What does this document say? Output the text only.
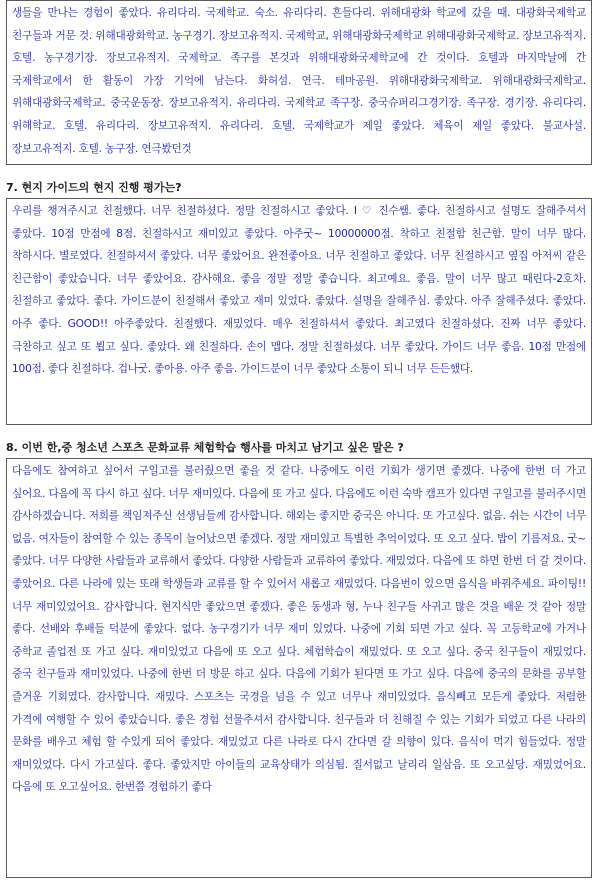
생들을 만나는 경험이 좋았다. 유리다리. 국제학교. 숙소. 유리다리. 흔들다리. 위해대광화 학교에 갔을 때. 대광화국제학교 친구들과 거문 것. 위해대광화학교. 농구경기. 장보고유적지. 국제학교, 위해대광화국제학교 위해대광화국제학교. 장보고유적지. 호텔. 농구경기장. 장보고유적지. 국제학교. 족구를 본것과 위해대광화국제학교에 간 것이다. 호텔과 마지막날에 간 국제학교에서 한 활동이 가장 기억에 남는다. 화허섬. 연극. 테마공원. 위해대광화국제학교. 위해대광화국제학교. 위해대광화국제학교. 중국운동장. 장보고유적지. 유리다리. 국제학교 족구장. 중국슈퍼리그경기장. 족구장. 경기장. 유리다리. 위해학교. 호텔. 유리다리. 장보고유적지. 유리다리. 호텔. 국제학교가 제일 좋았다. 체육이 제일 좋았다. 불교사설. 장보고유적지. 호텔. 농구장. 연극봤던것

7. 현지 가이드의 현지 진행 평가는?

우리를 챙겨주시고 친절했다. 너무 친절하셨다. 정말 친절하시고 좋았다. I ♡ 진수쌤. 좋다. 친절하시고 설명도 잘해주셔서 좋았다. 10점 만점에 8점. 친절하시고 재미있고 좋았다. 아주굿~ 10000000점. 착하고 친절함 친근함. 말이 너무 많다. 착하시다. 별로였다. 친절하셔서 좋았다. 너무 좋았어요. 완전좋아요. 너무 친절하고 좋았다. 너무 친절하시고 옆집 아저씨 같은 친근함이 좋았습니다. 너무 좋았어요. 감사해요. 좋음 정말 정말 좋습니다. 최고예요. 좋음. 말이 너무 많고 때린다-2호차. 친절하고 좋았다. 좋다. 가이드분이 친절해서 좋았고 재미 있었다. 좋았다. 설명을 잘해주심. 좋았다. 아주 잘해주셨다. 좋았다. 아주 좋다. GOOD!! 아주좋았다. 친절했다. 재밌었다. 매우 친절하셔서 좋았다. 최고였다 친절하셨다. 진짜 너무 좋았다. 극찬하고 싶고 또 뵙고 싶다. 좋았다. 왜 친절하다. 손이 맵다. 정말 친절하셨다. 너무 좋았다. 가이드 너무 좋음. 10점 만점에 100점. 좋다 친절하다. 겁나굿. 좋아용. 아주 좋음. 가이드분이 너무 좋았다 소통이 되니 너무 든든했다.

8. 이번 한,중 청소년 스포츠 문화교류 체험학습 행사를 마치고 남기고 싶은 말은 ?

다음에도 참여하고 싶어서 구일고를 불러줬으면 좋을 것 같다. 나중에도 이런 기회가 생기면 좋겠다. 나중에 한번 더 가고 싶어요. 다음에 꼭 다시 하고 싶다. 너무 재미있다. 다음에 또 가고 싶다. 다음에도 이런 숙박 캠프가 있다면 구일고를 불러주시면 감사하겠습니다. 저희를 책임져주신 선생님들께 감사합니다. 해외는 좋지만 중국은 아니다. 또 가고싶다. 없음. 쉬는 시간이 너무 없음. 여자들이 참여할 수 있는 종목이 늘어났으면 좋겠다. 정말 재미있고 특별한 추억이었다. 또 오고 싶다. 밥이 기름져요. 굿~ 좋았다. 너무 다양한 사람들과 교류해서 좋았다. 다양한 사람들과 교류하여 좋았다. 재밌었다. 다음에 또 하면 한번 더 갈 것이다. 좋았어요. 다른 나라에 있는 또래 학생들과 교류를 할 수 있어서 새롭고 재밌었다. 다음번이 있으면 음식을 바꿔주세요. 파이팅!! 너무 재미있었어요. 감사합니다. 현지식만 좋았으면 좋겠다. 좋은 동생과 형, 누나 친구들 사귀고 많은 것을 배운 것 같아 정말 좋다. 선배와 후배들 덕분에 좋았다. 없다. 농구경기가 너무 재미 있었다. 나중에 기회 되면 가고 싶다. 꼭 고등학교에 가거나 중학교 졸업전 또 가고 싶다. 재미있었고 다음에 또 오고 싶다. 체험학습이 재밌었다. 또 오고 싶다. 중국 친구들이 재밌었다. 중국 친구들과 재미있었다. 나중에 한번 더 방문 하고 싶다. 다음에 기회가 된다면 또 가고 싶다. 다음에 중국의 문화를 공부할 즐거운 기회였다. 감사합니다. 재밌다. 스포츠는 국경을 넘을 수 있고 너무나 재미있었다. 음식빼고 모든게 좋았다. 저렴한 가격에 여행할 수 있어 좋았습니다. 좋은 경험 선물주셔서 감사합니다. 친구들과 더 친해질 수 있는 기회가 되었고 다른 나라의 문화를 배우고 체험 할 수있게 되어 좋았다. 재밌었고 다른 나라로 다시 간다면 갈 의향이 있다. 음식이 먹기 힘들었다. 정말 재미있었다. 다시 가고싶다. 좋다. 좋았지만 아이들의 교육상태가 의심됨. 질서없고 날리리 일삼음. 또 오고싶당. 재밌었어요. 다음에 또 오고싶어요. 한번쯤 경험하기 좋다
